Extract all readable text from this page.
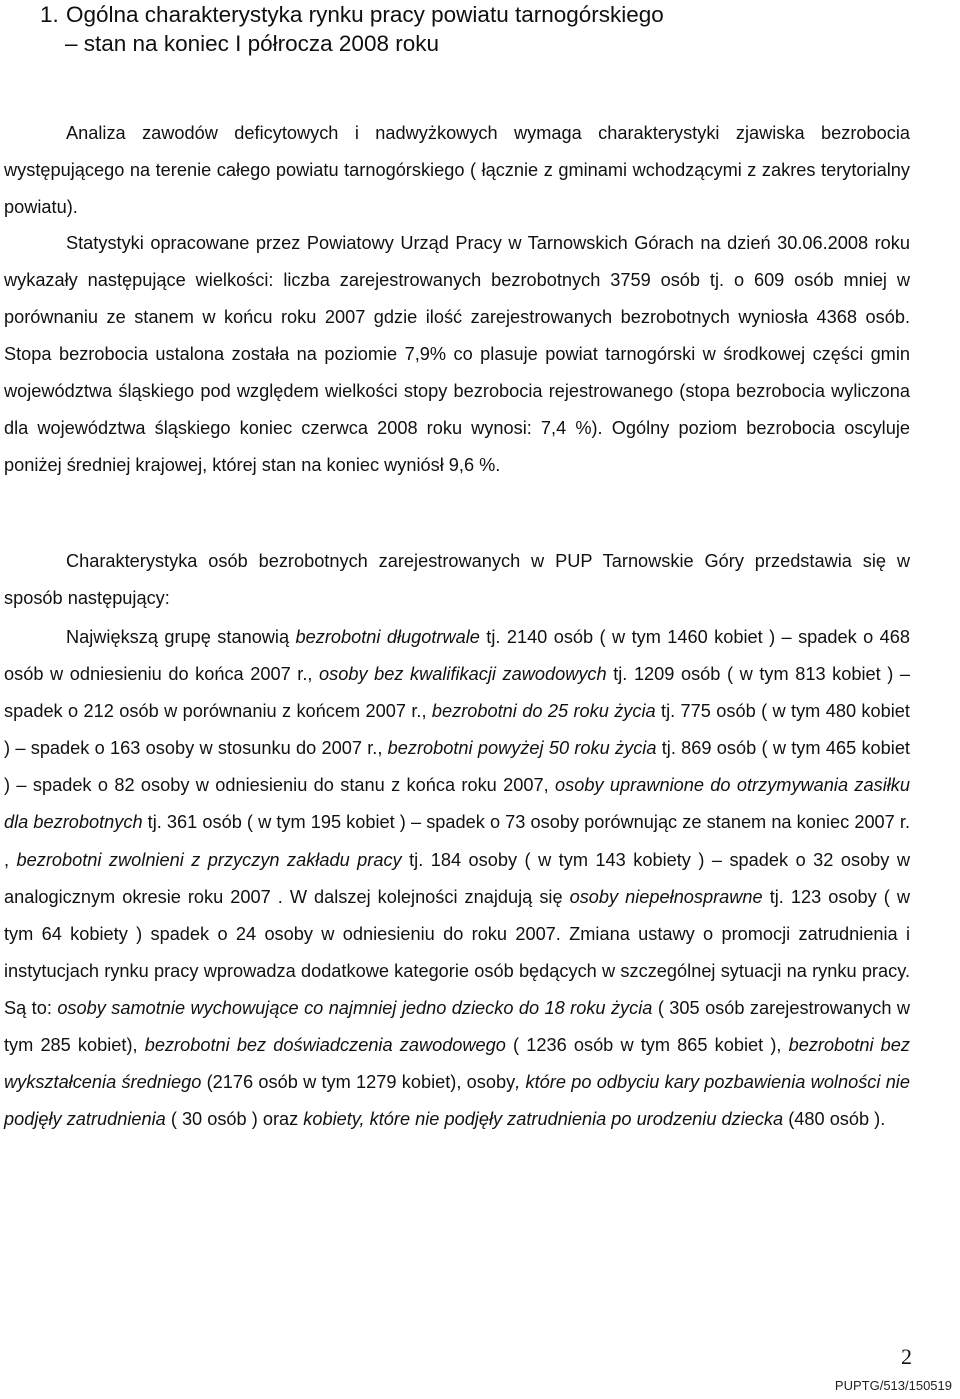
1. Ogólna charakterystyka rynku pracy powiatu tarnogórskiego
– stan na koniec I półrocza 2008 roku

Analiza zawodów deficytowych i nadwyżkowych wymaga charakterystyki zjawiska bezrobocia występującego na terenie całego powiatu tarnogórskiego ( łącznie z gminami wchodzącymi z zakres terytorialny powiatu).

Statystyki opracowane przez Powiatowy Urząd Pracy w Tarnowskich Górach na dzień 30.06.2008 roku wykazały następujące wielkości: liczba zarejestrowanych bezrobotnych 3759 osób tj. o 609 osób mniej w porównaniu ze stanem w końcu roku 2007 gdzie ilość zarejestrowanych bezrobotnych wyniosła 4368 osób. Stopa bezrobocia ustalona została na poziomie 7,9% co plasuje powiat tarnogórski w środkowej części gmin województwa śląskiego pod względem wielkości stopy bezrobocia rejestrowanego (stopa bezrobocia wyliczona dla województwa śląskiego koniec czerwca 2008 roku wynosi: 7,4 %). Ogólny poziom bezrobocia oscyluje poniżej średniej krajowej, której stan na koniec wyniósł 9,6 %.

Charakterystyka osób bezrobotnych zarejestrowanych w PUP Tarnowskie Góry przedstawia się w sposób następujący:

Największą grupę stanowią bezrobotni długotrwale tj. 2140 osób ( w tym 1460 kobiet ) – spadek o 468 osób w odniesieniu do końca 2007 r., osoby bez kwalifikacji zawodowych tj. 1209 osób ( w tym 813 kobiet ) – spadek o 212 osób w porównaniu z końcem 2007 r., bezrobotni do 25 roku życia tj. 775 osób ( w tym 480 kobiet ) – spadek o 163 osoby w stosunku do 2007 r., bezrobotni powyżej 50 roku życia tj. 869 osób ( w tym 465 kobiet ) – spadek o 82 osoby w odniesieniu do stanu z końca roku 2007, osoby uprawnione do otrzymywania zasiłku dla bezrobotnych tj. 361 osób ( w tym 195 kobiet ) – spadek o 73 osoby porównując ze stanem na koniec 2007 r. , bezrobotni zwolnieni z przyczyn zakładu pracy tj. 184 osoby ( w tym 143 kobiety ) – spadek o 32 osoby w analogicznym okresie roku 2007 . W dalszej kolejności znajdują się osoby niepełnosprawne tj. 123 osoby ( w tym 64 kobiety ) spadek o 24 osoby w odniesieniu do roku 2007. Zmiana ustawy o promocji zatrudnienia i instytucjach rynku pracy wprowadza dodatkowe kategorie osób będących w szczególnej sytuacji na rynku pracy. Są to: osoby samotnie wychowujące co najmniej jedno dziecko do 18 roku życia ( 305 osób zarejestrowanych w tym 285 kobiet), bezrobotni bez doświadczenia zawodowego ( 1236 osób w tym 865 kobiet ), bezrobotni bez wykształcenia średniego (2176 osób w tym 1279 kobiet), osoby, które po odbyciu kary pozbawienia wolności nie podjęły zatrudnienia ( 30 osób ) oraz kobiety, które nie podjęły zatrudnienia po urodzeniu dziecka (480 osób ).

2
PUPTG/513/150519
